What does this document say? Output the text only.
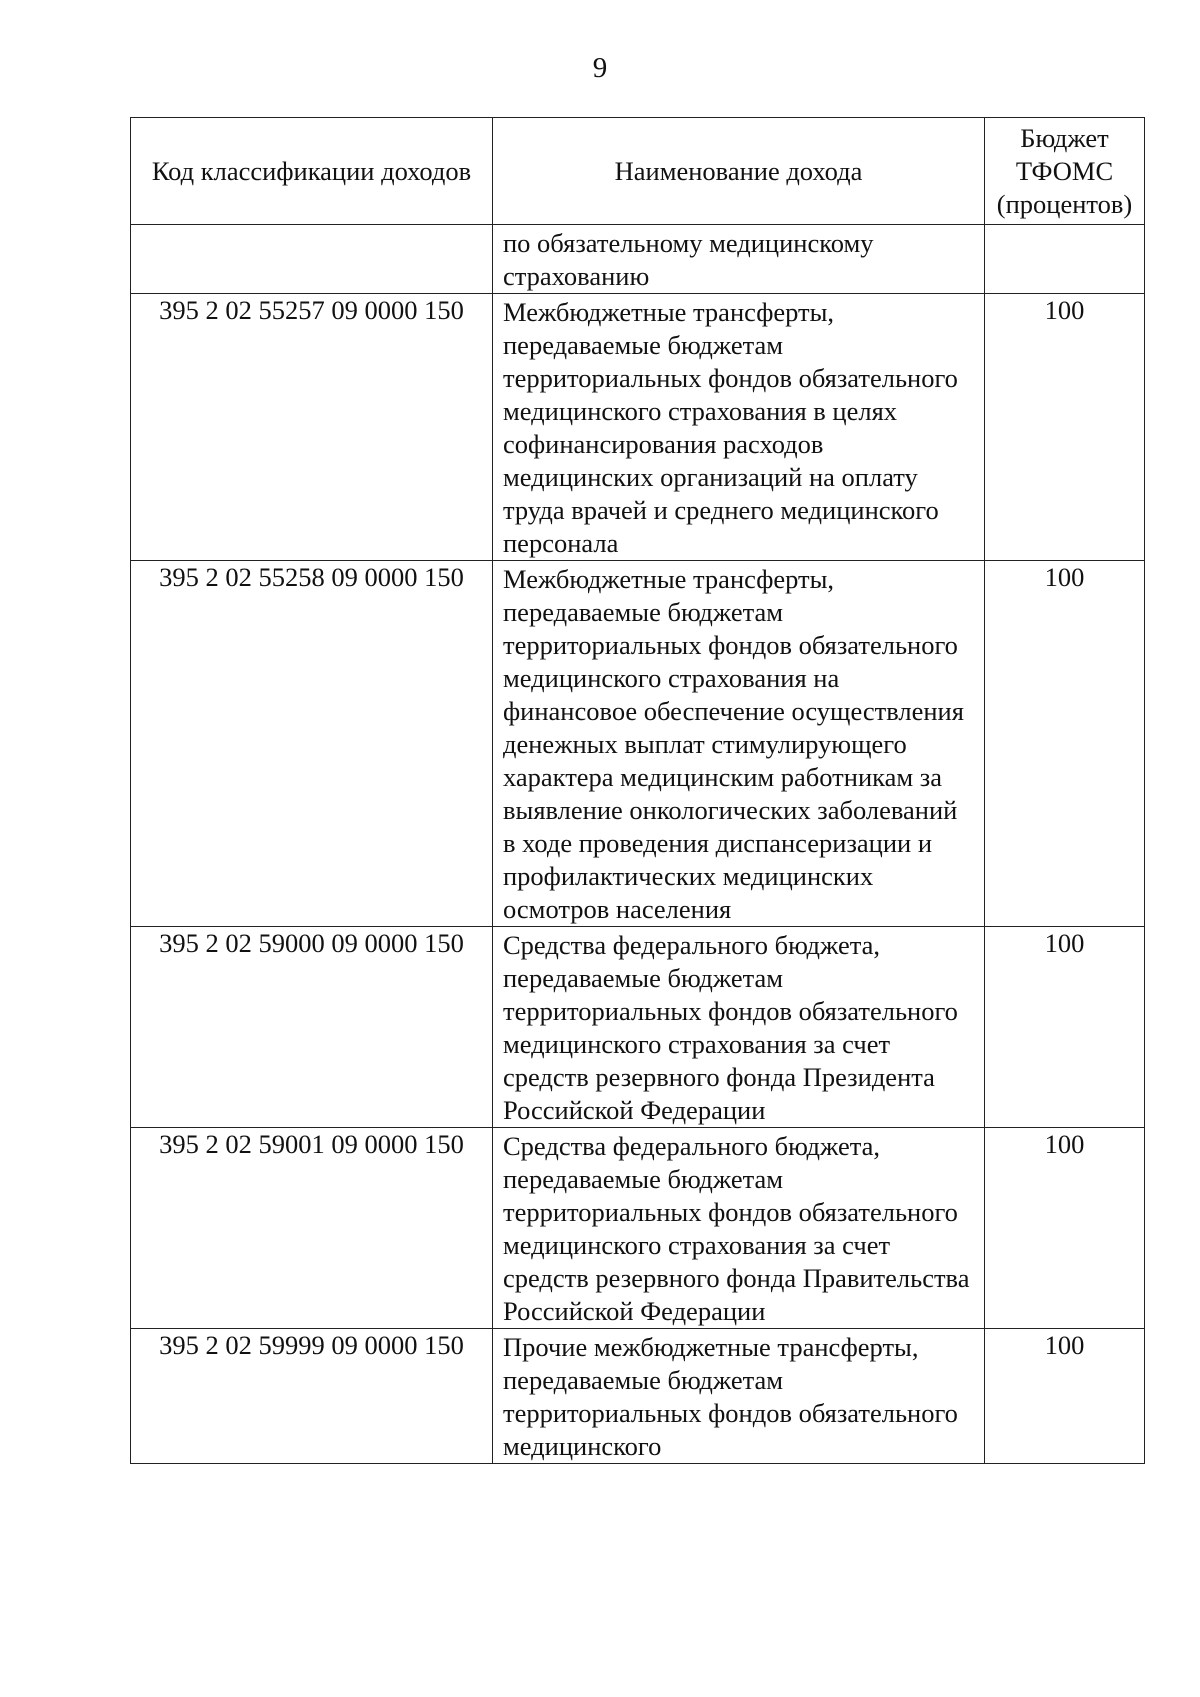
9
Код классификации доходов	Наименование дохода	Бюджет ТФОМС (процентов)
	по обязательному медицинскому страхованию	
395 2 02 55257 09 0000 150	Межбюджетные трансферты, передаваемые бюджетам территориальных фондов обязательного медицинского страхования в целях софинансирования расходов медицинских организаций на оплату труда врачей и среднего медицинского персонала	100
395 2 02 55258 09 0000 150	Межбюджетные трансферты, передаваемые бюджетам территориальных фондов обязательного медицинского страхования на финансовое обеспечение осуществления денежных выплат стимулирующего характера медицинским работникам за выявление онкологических заболеваний в ходе проведения диспансеризации и профилактических медицинских осмотров населения	100
395 2 02 59000 09 0000 150	Средства федерального бюджета, передаваемые бюджетам территориальных фондов обязательного медицинского страхования за счет средств резервного фонда Президента Российской Федерации	100
395 2 02 59001 09 0000 150	Средства федерального бюджета, передаваемые бюджетам территориальных фондов обязательного медицинского страхования за счет средств резервного фонда Правительства Российской Федерации	100
395 2 02 59999 09 0000 150	Прочие межбюджетные трансферты, передаваемые бюджетам территориальных фондов обязательного медицинского	100
